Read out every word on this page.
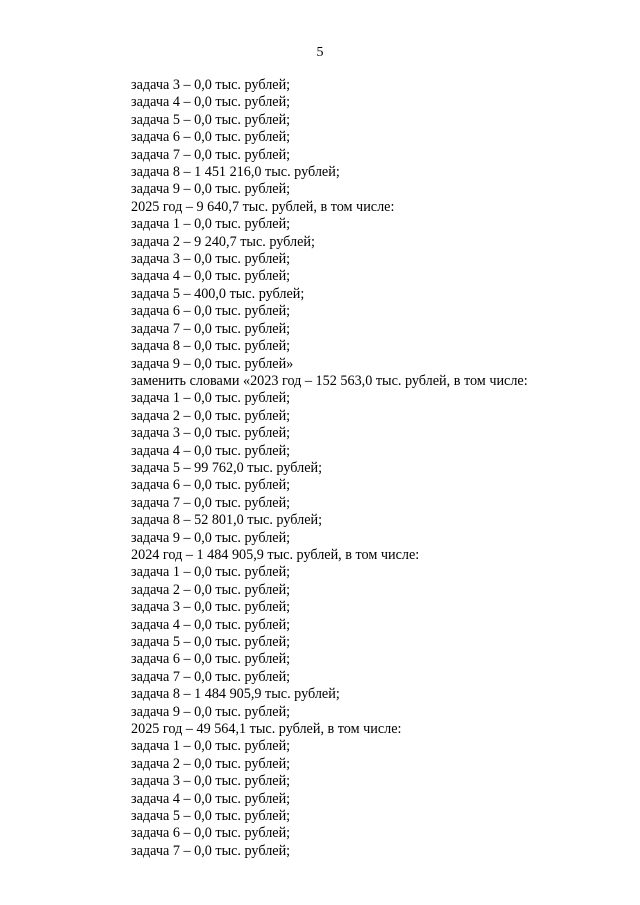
5
задача 3 – 0,0 тыс. рублей;
задача 4 – 0,0 тыс. рублей;
задача 5 – 0,0 тыс. рублей;
задача 6 – 0,0 тыс. рублей;
задача 7 – 0,0 тыс. рублей;
задача 8 – 1 451 216,0 тыс. рублей;
задача 9 – 0,0 тыс. рублей;
2025 год – 9 640,7 тыс. рублей, в том числе:
задача 1 – 0,0 тыс. рублей;
задача 2 – 9 240,7 тыс. рублей;
задача 3 – 0,0 тыс. рублей;
задача 4 – 0,0 тыс. рублей;
задача 5 – 400,0 тыс. рублей;
задача 6 – 0,0 тыс. рублей;
задача 7 – 0,0 тыс. рублей;
задача 8 – 0,0 тыс. рублей;
задача 9 – 0,0 тыс. рублей»
заменить словами «2023 год – 152 563,0 тыс. рублей, в том числе:
задача 1 – 0,0 тыс. рублей;
задача 2 – 0,0 тыс. рублей;
задача 3 – 0,0 тыс. рублей;
задача 4 – 0,0 тыс. рублей;
задача 5 – 99 762,0 тыс. рублей;
задача 6 – 0,0 тыс. рублей;
задача 7 – 0,0 тыс. рублей;
задача 8 – 52 801,0 тыс. рублей;
задача 9 – 0,0 тыс. рублей;
2024 год – 1 484 905,9 тыс. рублей, в том числе:
задача 1 – 0,0 тыс. рублей;
задача 2 – 0,0 тыс. рублей;
задача 3 – 0,0 тыс. рублей;
задача 4 – 0,0 тыс. рублей;
задача 5 – 0,0 тыс. рублей;
задача 6 – 0,0 тыс. рублей;
задача 7 – 0,0 тыс. рублей;
задача 8 – 1 484 905,9 тыс. рублей;
задача 9 – 0,0 тыс. рублей;
2025 год – 49 564,1 тыс. рублей, в том числе:
задача 1 – 0,0 тыс. рублей;
задача 2 – 0,0 тыс. рублей;
задача 3 – 0,0 тыс. рублей;
задача 4 – 0,0 тыс. рублей;
задача 5 – 0,0 тыс. рублей;
задача 6 – 0,0 тыс. рублей;
задача 7 – 0,0 тыс. рублей;
